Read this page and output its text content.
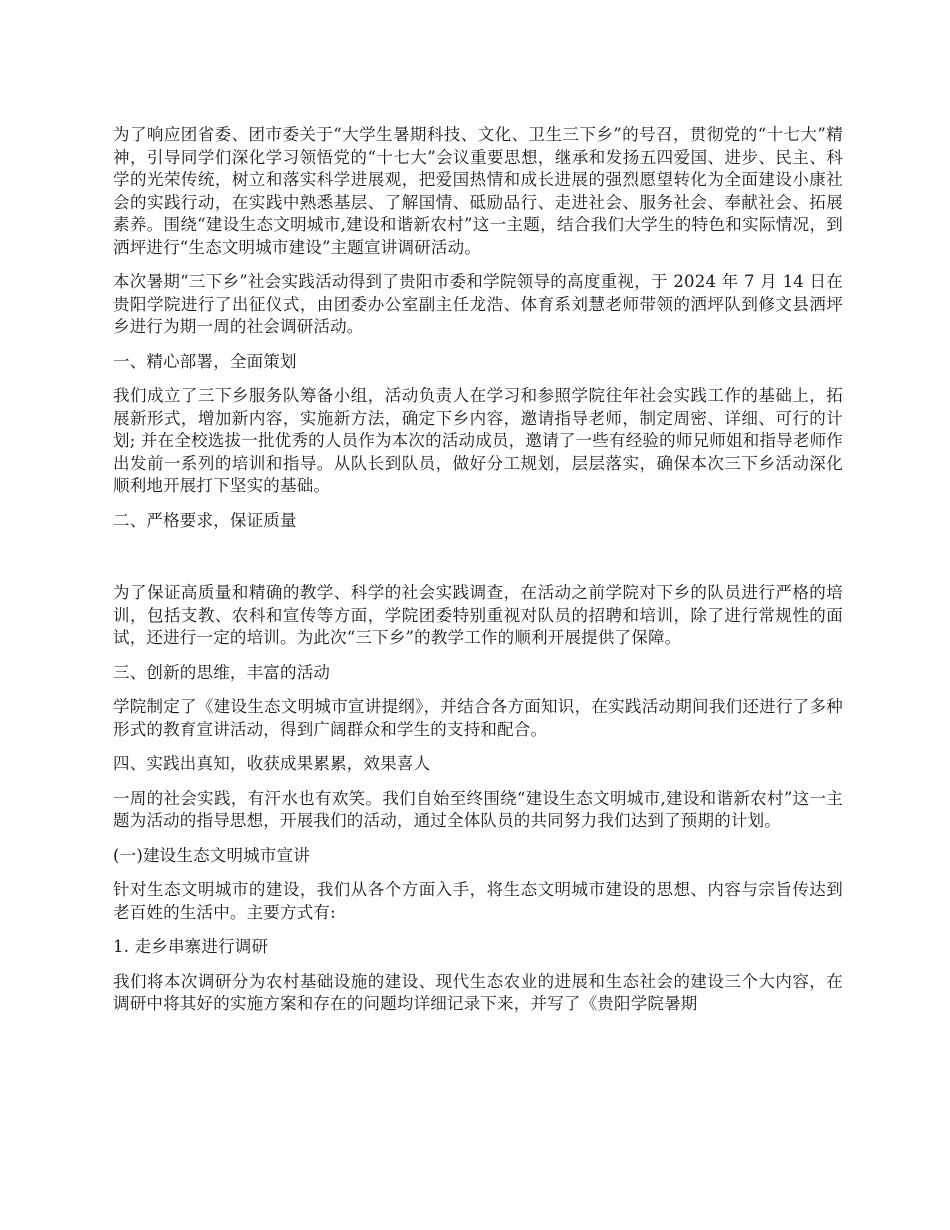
为了响应团省委、团市委关于“大学生暑期科技、文化、卫生三下乡”的号召，贯彻党的“十七大”精神，引导同学们深化学习领悟党的“十七大”会议重要思想，继承和发扬五四爱国、进步、民主、科学的光荣传统，树立和落实科学进展观，把爱国热情和成长进展的强烈愿望转化为全面建设小康社会的实践行动，在实践中熟悉基层、了解国情、砥励品行、走进社会、服务社会、奉献社会、拓展素养。围绕“建设生态文明城市,建设和谐新农村”这一主题，结合我们大学生的特色和实际情况，到洒坪进行“生态文明城市建设”主题宣讲调研活动。

本次暑期“三下乡”社会实践活动得到了贵阳市委和学院领导的高度重视，于 2024 年 7 月 14 日在贵阳学院进行了出征仪式，由团委办公室副主任龙浩、体育系刘慧老师带领的洒坪队到修文县洒坪乡进行为期一周的社会调研活动。

一、精心部署，全面策划

我们成立了三下乡服务队筹备小组，活动负责人在学习和参照学院往年社会实践工作的基础上，拓展新形式，增加新内容，实施新方法，确定下乡内容，邀请指导老师，制定周密、详细、可行的计划; 并在全校选拔一批优秀的人员作为本次的活动成员，邀请了一些有经验的师兄师姐和指导老师作出发前一系列的培训和指导。从队长到队员，做好分工规划，层层落实，确保本次三下乡活动深化顺利地开展打下坚实的基础。

二、严格要求，保证质量

为了保证高质量和精确的教学、科学的社会实践调查，在活动之前学院对下乡的队员进行严格的培训，包括支教、农科和宣传等方面，学院团委特别重视对队员的招聘和培训，除了进行常规性的面试，还进行一定的培训。为此次“三下乡”的教学工作的顺利开展提供了保障。

三、创新的思维，丰富的活动

学院制定了《建设生态文明城市宣讲提纲》，并结合各方面知识，在实践活动期间我们还进行了多种形式的教育宣讲活动，得到广阔群众和学生的支持和配合。

四、实践出真知，收获成果累累，效果喜人

一周的社会实践，有汗水也有欢笑。我们自始至终围绕“建设生态文明城市,建设和谐新农村”这一主题为活动的指导思想，开展我们的活动，通过全体队员的共同努力我们达到了预期的计划。

(一)建设生态文明城市宣讲

针对生态文明城市的建设，我们从各个方面入手，将生态文明城市建设的思想、内容与宗旨传达到老百姓的生活中。主要方式有:

1. 走乡串寨进行调研

我们将本次调研分为农村基础设施的建设、现代生态农业的进展和生态社会的建设三个大内容，在调研中将其好的实施方案和存在的问题均详细记录下来，并写了《贵阳学院暑期
